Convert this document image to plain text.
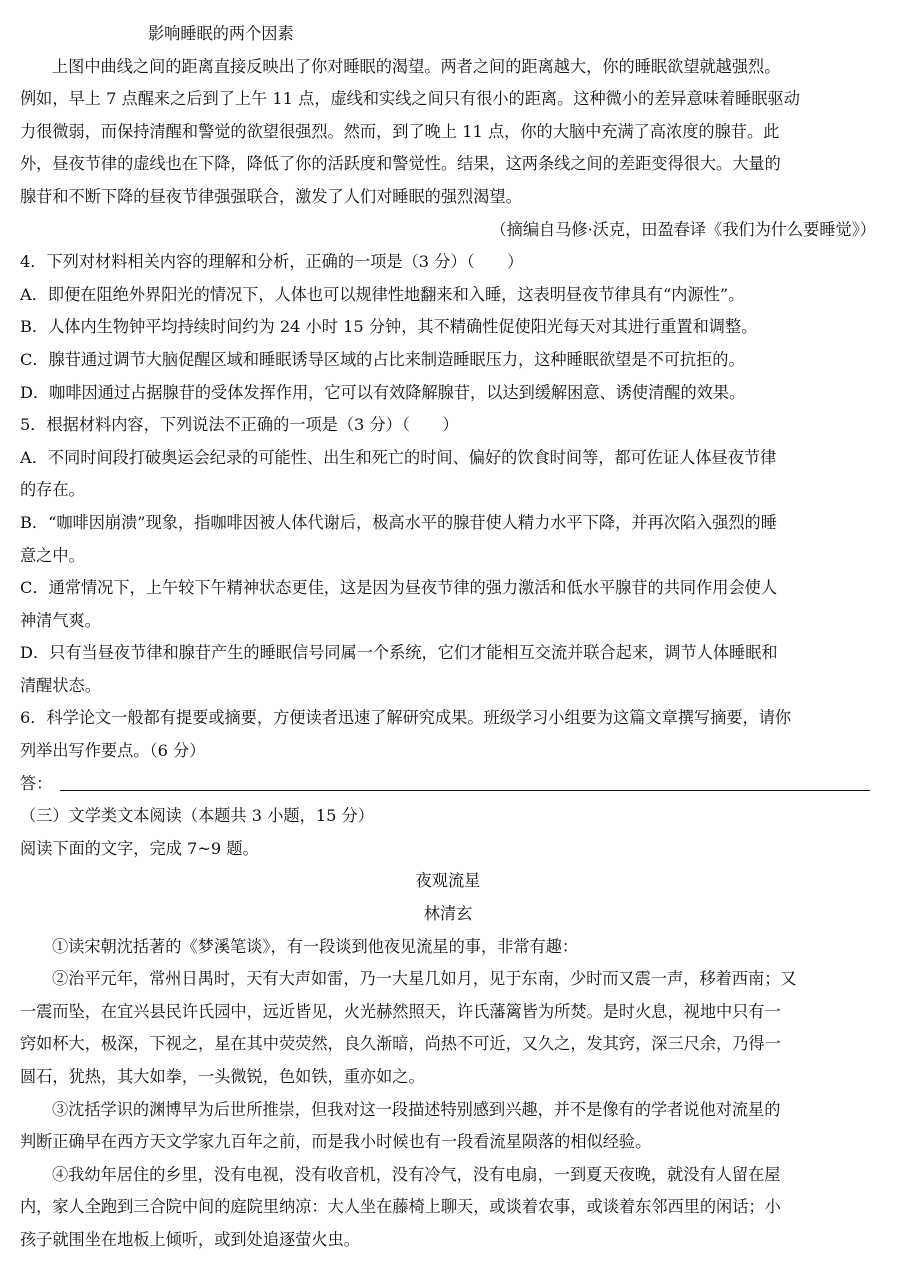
影响睡眠的两个因素

上图中曲线之间的距离直接反映出了你对睡眠的渴望。两者之间的距离越大，你的睡眠欲望就越强烈。

例如，早上 7 点醒来之后到了上午 11 点，虚线和实线之间只有很小的距离。这种微小的差异意味着睡眠驱动

力很微弱，而保持清醒和警觉的欲望很强烈。然而，到了晚上 11 点，你的大脑中充满了高浓度的腺苷。此

外，昼夜节律的虚线也在下降，降低了你的活跃度和警觉性。结果，这两条线之间的差距变得很大。大量的

腺苷和不断下降的昼夜节律强强联合，激发了人们对睡眠的强烈渴望。

（摘编自马修·沃克，田盈春译《我们为什么要睡觉》）

4．下列对材料相关内容的理解和分析，正确的一项是（3 分）（　　）

A．即便在阻绝外界阳光的情况下，人体也可以规律性地翻来和入睡，这表明昼夜节律具有“内源性”。

B．人体内生物钟平均持续时间约为 24 小时 15 分钟，其不精确性促使阳光每天对其进行重置和调整。

C．腺苷通过调节大脑促醒区域和睡眠诱导区域的占比来制造睡眠压力，这种睡眠欲望是不可抗拒的。

D．咖啡因通过占据腺苷的受体发挥作用，它可以有效降解腺苷，以达到缓解困意、诱使清醒的效果。

5．根据材料内容，下列说法不正确的一项是（3 分）（　　）

A．不同时间段打破奥运会纪录的可能性、出生和死亡的时间、偏好的饮食时间等，都可佐证人体昼夜节律

的存在。

B．“咖啡因崩溃”现象，指咖啡因被人体代谢后，极高水平的腺苷使人精力水平下降，并再次陷入强烈的睡

意之中。

C．通常情况下，上午较下午精神状态更佳，这是因为昼夜节律的强力激活和低水平腺苷的共同作用会使人

神清气爽。

D．只有当昼夜节律和腺苷产生的睡眠信号同属一个系统，它们才能相互交流并联合起来，调节人体睡眠和

清醒状态。

6．科学论文一般都有提要或摘要，方便读者迅速了解研究成果。班级学习小组要为这篇文章撰写摘要，请你

列举出写作要点。（6 分）

答：

（三）文学类文本阅读（本题共 3 小题，15 分）

阅读下面的文字，完成 7~9 题。

夜观流星

林清玄

①读宋朝沈括著的《梦溪笔谈》，有一段谈到他夜见流星的事，非常有趣：

②治平元年，常州日禺时，天有大声如雷，乃一大星几如月，见于东南，少时而又震一声，移着西南；又

一震而坠，在宜兴县民许氏园中，远近皆见，火光赫然照天，许氏藩篱皆为所焚。是时火息，视地中只有一

窍如杯大，极深，下视之，星在其中荧荧然，良久渐暗，尚热不可近，又久之，发其窍，深三尺余，乃得一

圆石，犹热，其大如拳，一头微锐，色如铁，重亦如之。

③沈括学识的渊博早为后世所推崇，但我对这一段描述特别感到兴趣，并不是像有的学者说他对流星的

判断正确早在西方天文学家九百年之前，而是我小时候也有一段看流星陨落的相似经验。

④我幼年居住的乡里，没有电视，没有收音机，没有冷气，没有电扇，一到夏天夜晚，就没有人留在屋

内，家人全跑到三合院中间的庭院里纳凉：大人坐在藤椅上聊天，或谈着农事，或谈着东邻西里的闲话；小

孩子就围坐在地板上倾听，或到处追逐萤火虫。
